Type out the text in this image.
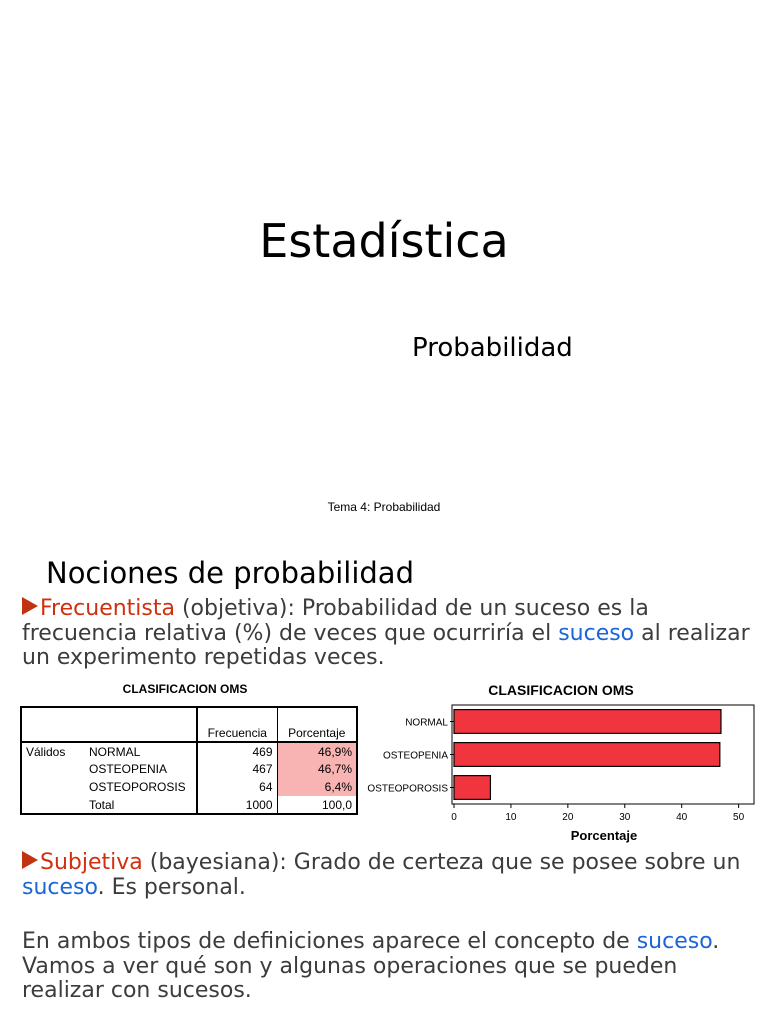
Estadística
Probabilidad
Tema 4: Probabilidad
Nociones de probabilidad
Frecuentista (objetiva): Probabilidad de un suceso es la frecuencia relativa (%) de veces que ocurriría el suceso al realizar un experimento repetidas veces.
CLASIFICACION OMS
		Frecuencia	Porcentaje
Válidos	NORMAL	469	46,9%
	OSTEOPENIA	467	46,7%
	OSTEOPOROSIS	64	6,4%
	Total	1000	100,0
CLASIFICACION OMS
NORMAL
OSTEOPENIA
OSTEOPOROSIS
0	10	20	30	40	50
Porcentaje
Subjetiva (bayesiana): Grado de certeza que se posee sobre un suceso. Es personal.
En ambos tipos de definiciones aparece el concepto de suceso. Vamos a ver qué son y algunas operaciones que se pueden realizar con sucesos.
